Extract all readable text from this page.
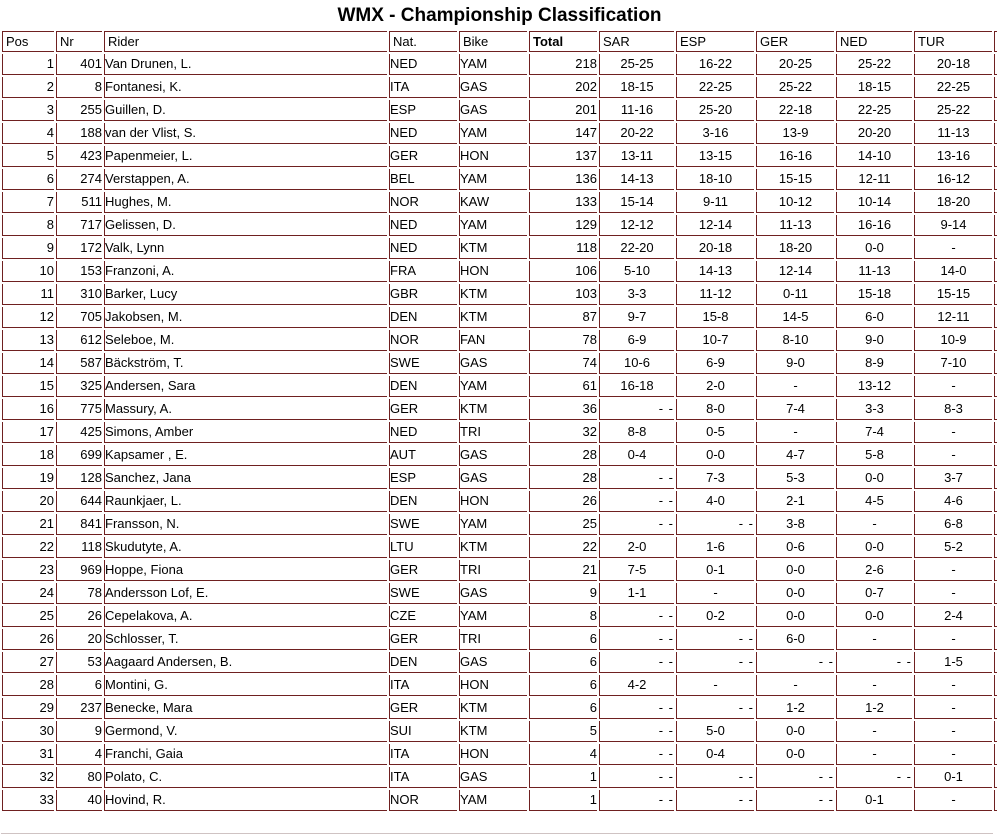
WMX - Championship Classification
Pos	Nr	Rider	Nat.	Bike	Total	SAR	ESP	GER	NED	TUR	
1	401	Van Drunen, L.	NED	YAM	218	25-25	16-22	20-25	25-22	20-18	
2	8	Fontanesi, K.	ITA	GAS	202	18-15	22-25	25-22	18-15	22-25	
3	255	Guillen, D.	ESP	GAS	201	11-16	25-20	22-18	22-25	25-22	
4	188	van der Vlist, S.	NED	YAM	147	20-22	3-16	13-9	20-20	11-13	
5	423	Papenmeier, L.	GER	HON	137	13-11	13-15	16-16	14-10	13-16	
6	274	Verstappen, A.	BEL	YAM	136	14-13	18-10	15-15	12-11	16-12	
7	511	Hughes, M.	NOR	KAW	133	15-14	9-11	10-12	10-14	18-20	
8	717	Gelissen, D.	NED	YAM	129	12-12	12-14	11-13	16-16	9-14	
9	172	Valk, Lynn	NED	KTM	118	22-20	20-18	18-20	0-0	-	
10	153	Franzoni, A.	FRA	HON	106	5-10	14-13	12-14	11-13	14-0	
11	310	Barker, Lucy	GBR	KTM	103	3-3	11-12	0-11	15-18	15-15	
12	705	Jakobsen, M.	DEN	KTM	87	9-7	15-8	14-5	6-0	12-11	
13	612	Seleboe, M.	NOR	FAN	78	6-9	10-7	8-10	9-0	10-9	
14	587	Bäckström, T.	SWE	GAS	74	10-6	6-9	9-0	8-9	7-10	
15	325	Andersen, Sara	DEN	YAM	61	16-18	2-0	-	13-12	-	
16	775	Massury, A.	GER	KTM	36	- -	8-0	7-4	3-3	8-3	
17	425	Simons, Amber	NED	TRI	32	8-8	0-5	-	7-4	-	
18	699	Kapsamer , E.	AUT	GAS	28	0-4	0-0	4-7	5-8	-	
19	128	Sanchez, Jana	ESP	GAS	28	- -	7-3	5-3	0-0	3-7	
20	644	Raunkjaer, L.	DEN	HON	26	- -	4-0	2-1	4-5	4-6	
21	841	Fransson, N.	SWE	YAM	25	- -	- -	3-8	-	6-8	
22	118	Skudutyte, A.	LTU	KTM	22	2-0	1-6	0-6	0-0	5-2	
23	969	Hoppe, Fiona	GER	TRI	21	7-5	0-1	0-0	2-6	-	
24	78	Andersson Lof, E.	SWE	GAS	9	1-1	-	0-0	0-7	-	
25	26	Cepelakova, A.	CZE	YAM	8	- -	0-2	0-0	0-0	2-4	
26	20	Schlosser, T.	GER	TRI	6	- -	- -	6-0	-	-	
27	53	Aagaard Andersen, B.	DEN	GAS	6	- -	- -	- -	- -	1-5	
28	6	Montini, G.	ITA	HON	6	4-2	-	-	-	-	
29	237	Benecke, Mara	GER	KTM	6	- -	- -	1-2	1-2	-	
30	9	Germond, V.	SUI	KTM	5	- -	5-0	0-0	-	-	
31	4	Franchi, Gaia	ITA	HON	4	- -	0-4	0-0	-	-	
32	80	Polato, C.	ITA	GAS	1	- -	- -	- -	- -	0-1	
33	40	Hovind, R.	NOR	YAM	1	- -	- -	- -	0-1	-	
